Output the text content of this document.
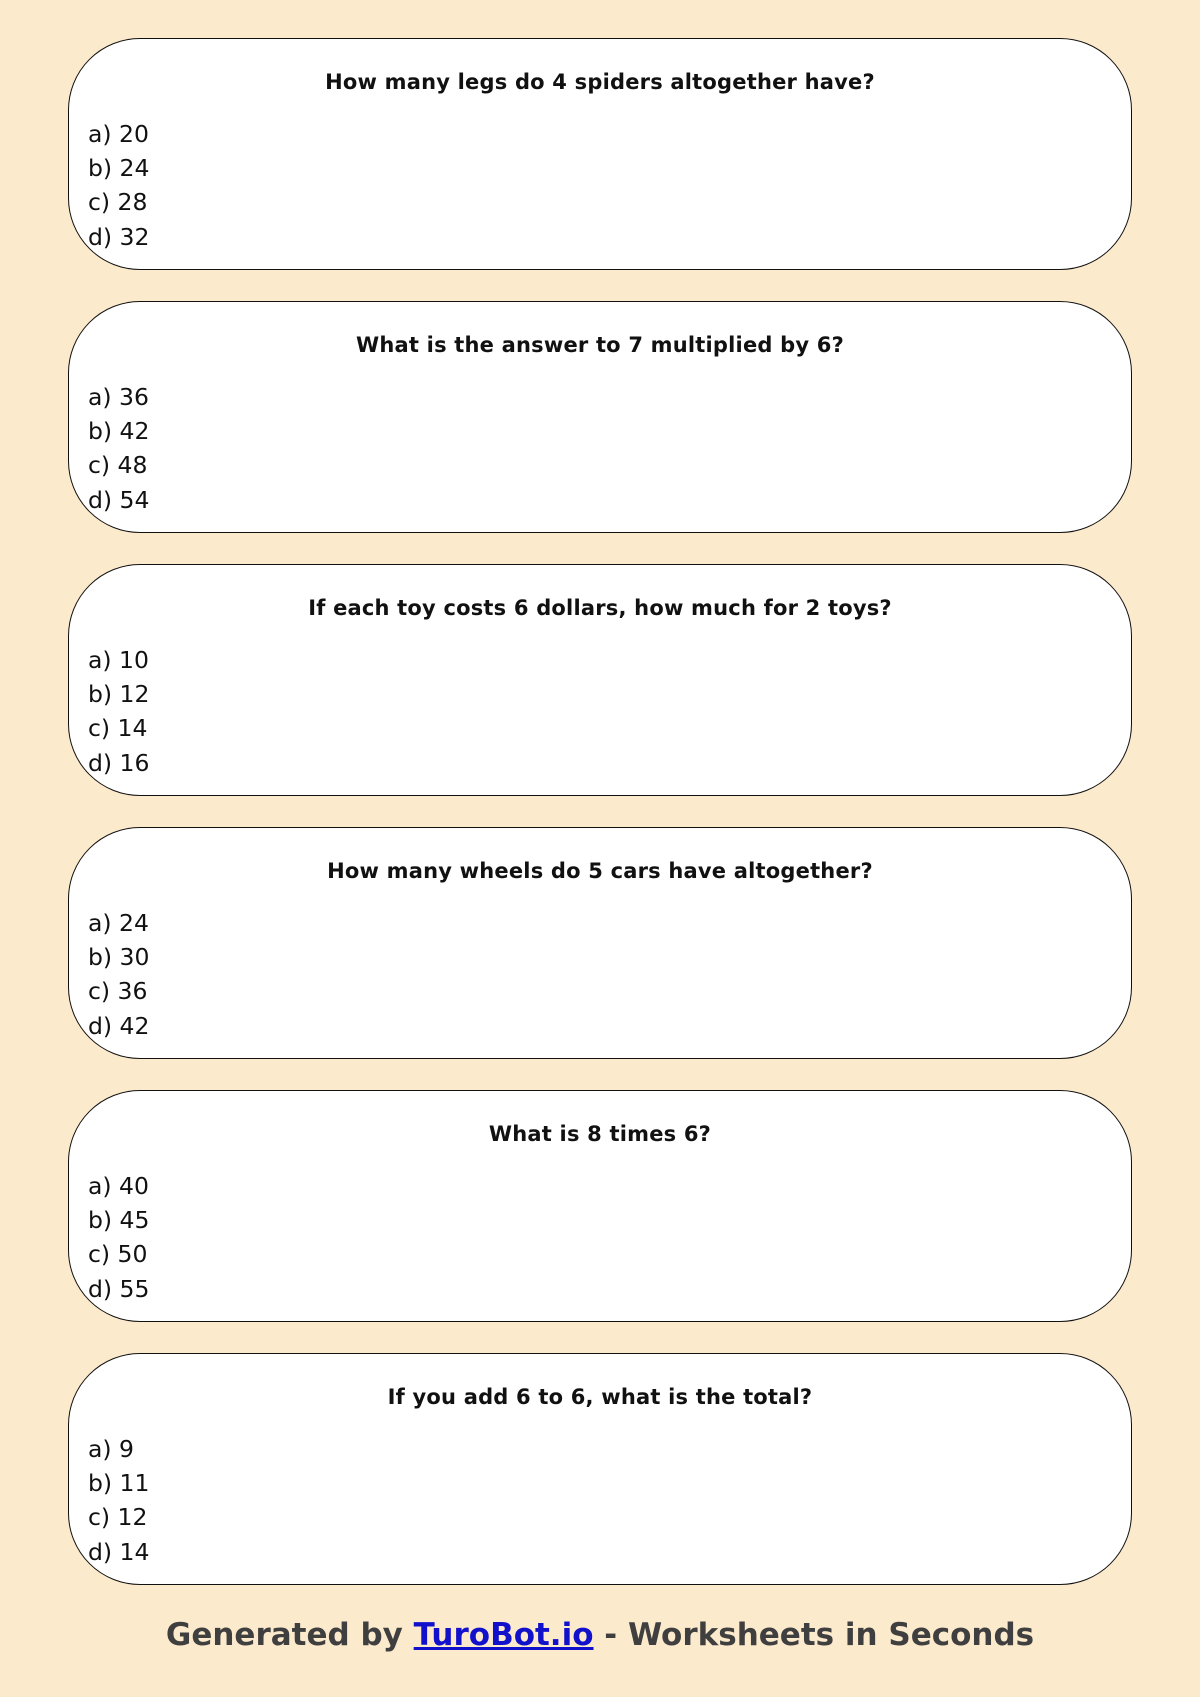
How many legs do 4 spiders altogether have?
a) 20
b) 24
c) 28
d) 32
What is the answer to 7 multiplied by 6?
a) 36
b) 42
c) 48
d) 54
If each toy costs 6 dollars, how much for 2 toys?
a) 10
b) 12
c) 14
d) 16
How many wheels do 5 cars have altogether?
a) 24
b) 30
c) 36
d) 42
What is 8 times 6?
a) 40
b) 45
c) 50
d) 55
If you add 6 to 6, what is the total?
a) 9
b) 11
c) 12
d) 14
Generated by TuroBot.io - Worksheets in Seconds
